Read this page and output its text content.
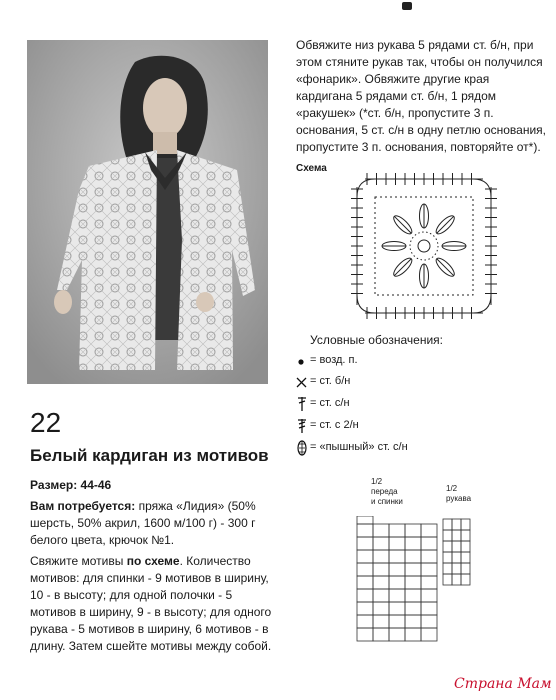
Обвяжите низ рукава 5 рядами ст. б/н, при этом стяните рукав так, чтобы он получился «фонарик». Обвяжите другие края кардигана 5 рядами ст. б/н, 1 рядом «ракушек» (*ст. б/н, пропустите 3 п. основания, 5 ст. с/н в одну петлю основания, пропустите 3 п. основания, повторяйте от*).
Схема
Условные обозначения:
= возд. п.
= ст. б/н
= ст. с/н
= ст. с 2/н
= «пышный» ст. с/н
22
Белый кардиган из мотивов
Размер: 44-46
Вам потребуется: пряжа «Лидия» (50% шерсть, 50% акрил, 1600 м/100 г) - 300 г белого цвета, крючок №1.
Свяжите мотивы по схеме. Количество мотивов: для спинки - 9 мотивов в ширину, 10 - в высоту; для одной полочки - 5 мотивов в ширину, 9 - в высоту; для одного рукава - 5 мотивов в ширину, 6 мотивов - в длину. Затем сшейте мотивы между собой.
1/2
переда
и спинки
1/2
рукава
Страна Мам
